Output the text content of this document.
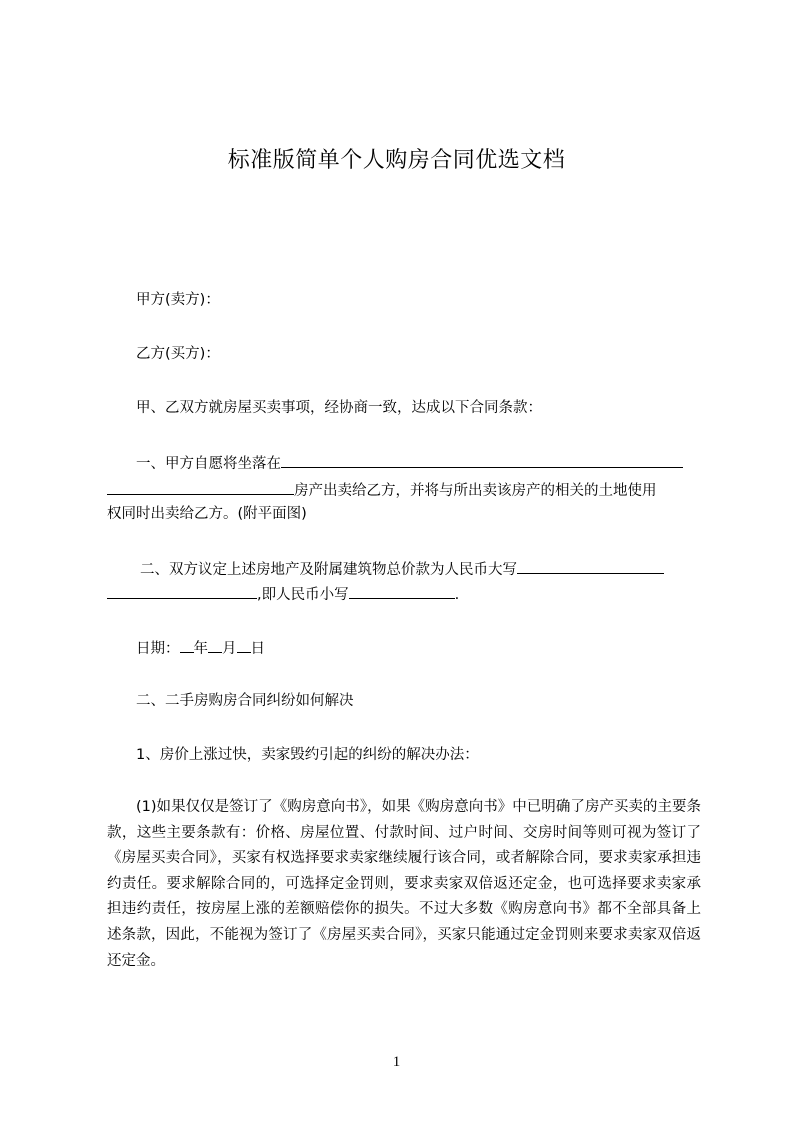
标准版简单个人购房合同优选文档
甲方(卖方)：
乙方(买方)：
甲、乙双方就房屋买卖事项，经协商一致，达成以下合同条款：
一、甲方自愿将坐落在
房产出卖给乙方，并将与所出卖该房产的相关的土地使用
权同时出卖给乙方。(附平面图)
二、双方议定上述房地产及附属建筑物总价款为人民币大写
,即人民币小写	.
日期： 年 月 日
二、二手房购房合同纠纷如何解决
1、房价上涨过快，卖家毁约引起的纠纷的解决办法：
(1)如果仅仅是签订了《购房意向书》，如果《购房意向书》中已明确了房产买卖的主要条款，这些主要条款有：价格、房屋位置、付款时间、过户时间、交房时间等则可视为签订了《房屋买卖合同》，买家有权选择要求卖家继续履行该合同，或者解除合同，要求卖家承担违约责任。要求解除合同的，可选择定金罚则，要求卖家双倍返还定金，也可选择要求卖家承担违约责任，按房屋上涨的差额赔偿你的损失。不过大多数《购房意向书》都不全部具备上述条款，因此，不能视为签订了《房屋买卖合同》，买家只能通过定金罚则来要求卖家双倍返还定金。
1
